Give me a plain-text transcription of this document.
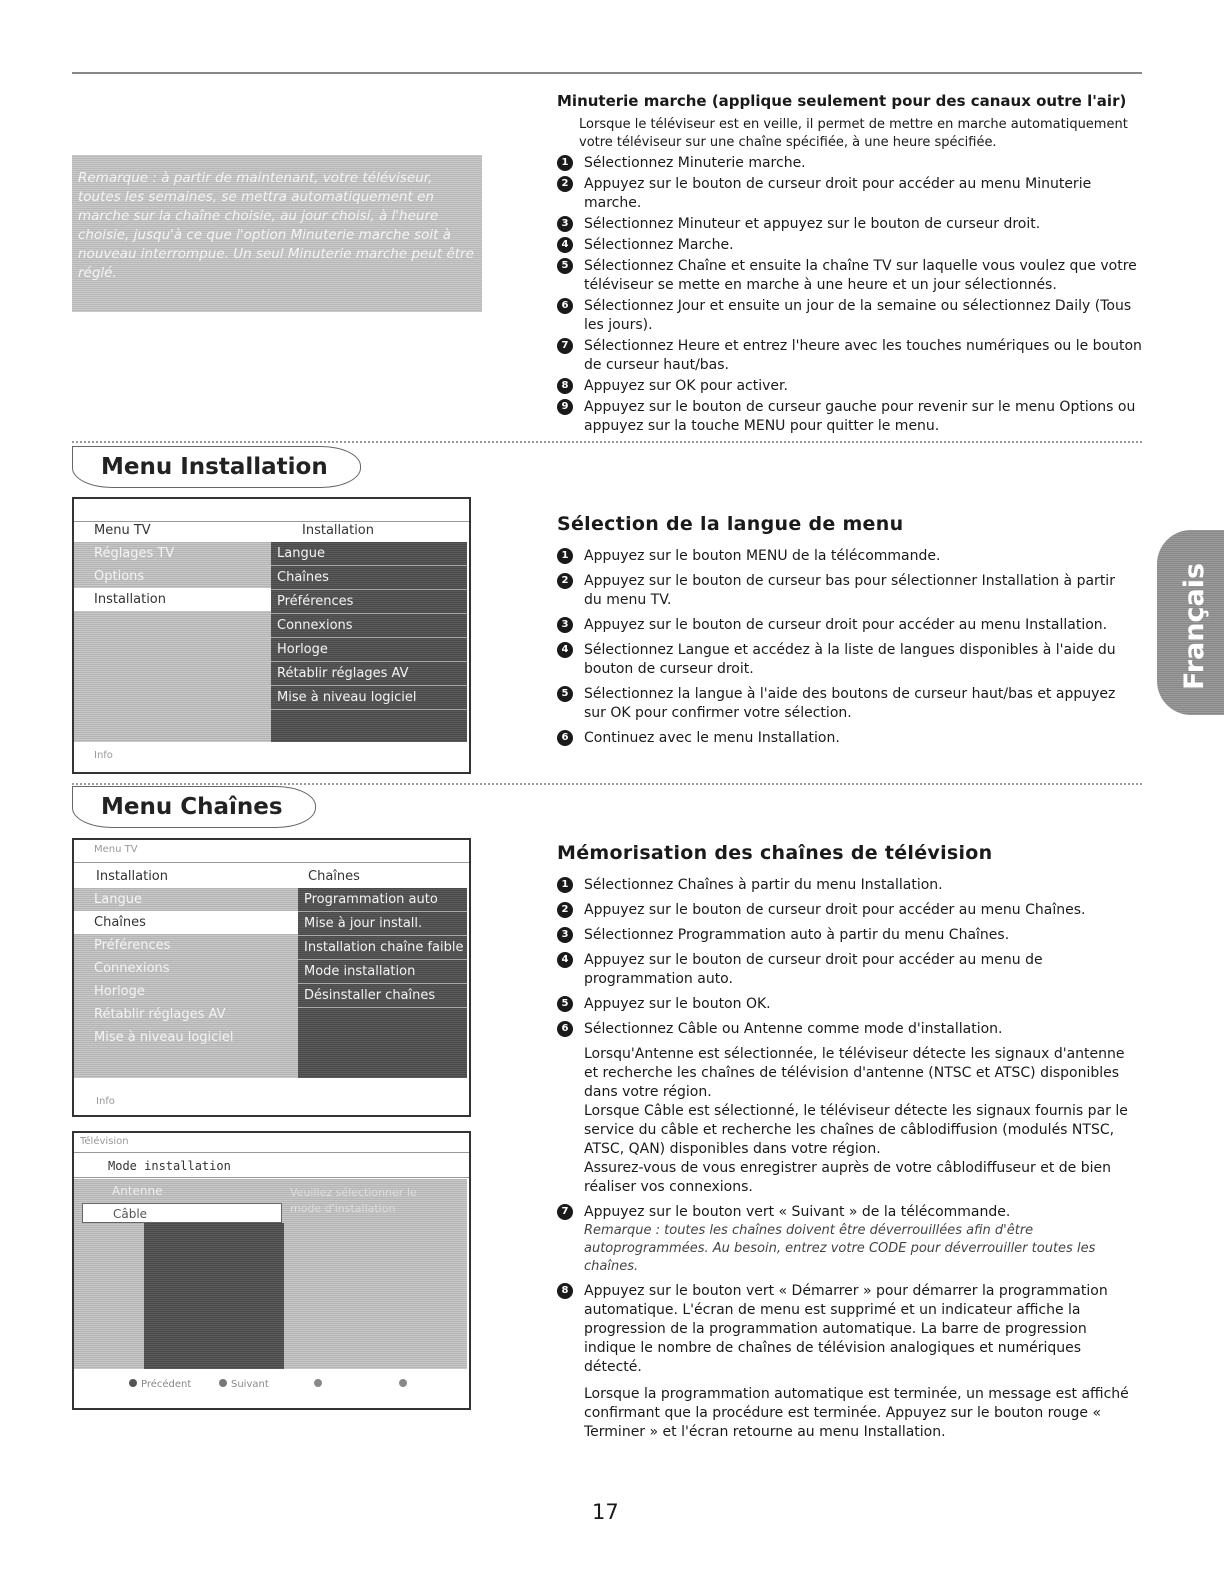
Remarque : à partir de maintenant, votre téléviseur, toutes les semaines, se mettra automatiquement en marche sur la chaîne choisie, au jour choisi, à l'heure choisie, jusqu'à ce que l'option Minuterie marche soit à nouveau interrompue. Un seul Minuterie marche peut être réglé.

Minuterie marche (applique seulement pour des canaux outre l'air)
Lorsque le téléviseur est en veille, il permet de mettre en marche automatiquement votre téléviseur sur une chaîne spécifiée, à une heure spécifiée.
1	Sélectionnez Minuterie marche.
2	Appuyez sur le bouton de curseur droit pour accéder au menu Minuterie marche.
3	Sélectionnez Minuteur et appuyez sur le bouton de curseur droit.
4	Sélectionnez Marche.
5	Sélectionnez Chaîne et ensuite la chaîne TV sur laquelle vous voulez que votre téléviseur se mette en marche à une heure et un jour sélectionnés.
6	Sélectionnez Jour et ensuite un jour de la semaine ou sélectionnez Daily (Tous les jours).
7	Sélectionnez Heure et entrez l'heure avec les touches numériques ou le bouton de curseur haut/bas.
8	Appuyez sur OK pour activer.
9	Appuyez sur le bouton de curseur gauche pour revenir sur le menu Options ou appuyez sur la touche MENU pour quitter le menu.
Menu Installation
Menu TV	Installation
Réglages TV
Options
Installation
Langue
Chaînes
Préférences
Connexions
Horloge
Rétablir réglages AV
Mise à niveau logiciel
Info
Sélection de la langue de menu
1	Appuyez sur le bouton MENU de la télécommande.
2	Appuyez sur le bouton de curseur bas pour sélectionner Installation à partir du menu TV.
3	Appuyez sur le bouton de curseur droit pour accéder au menu Installation.
4	Sélectionnez Langue et accédez à la liste de langues disponibles à l'aide du bouton de curseur droit.
5	Sélectionnez la langue à l'aide des boutons de curseur haut/bas et appuyez sur OK pour confirmer votre sélection.
6	Continuez avec le menu Installation.
Français
Menu Chaînes
Menu TV
Installation	Chaînes
Langue
Chaînes
Préférences
Connexions
Horloge
Rétablir réglages AV
Mise à niveau logiciel
Programmation auto
Mise à jour install.
Installation chaîne faible
Mode installation
Désinstaller chaînes
Info
Télévision
Mode installation
Antenne
Câble
Veuillez sélectionner le mode d'installation
Précédent	Suivant
Mémorisation des chaînes de télévision
1	Sélectionnez Chaînes à partir du menu Installation.
2	Appuyez sur le bouton de curseur droit pour accéder au menu Chaînes.
3	Sélectionnez Programmation auto à partir du menu Chaînes.
4	Appuyez sur le bouton de curseur droit pour accéder au menu de programmation auto.
5	Appuyez sur le bouton OK.
6	Sélectionnez Câble ou Antenne comme mode d'installation.
Lorsqu'Antenne est sélectionnée, le téléviseur détecte les signaux d'antenne et recherche les chaînes de télévision d'antenne (NTSC et ATSC) disponibles dans votre région.
Lorsque Câble est sélectionné, le téléviseur détecte les signaux fournis par le service du câble et recherche les chaînes de câblodiffusion (modulés NTSC, ATSC, QAN) disponibles dans votre région.
Assurez-vous de vous enregistrer auprès de votre câblodiffuseur et de bien réaliser vos connexions.
7	Appuyez sur le bouton vert « Suivant » de la télécommande.
Remarque : toutes les chaînes doivent être déverrouillées afin d'être autoprogrammées. Au besoin, entrez votre CODE pour déverrouiller toutes les chaînes.
8	Appuyez sur le bouton vert « Démarrer » pour démarrer la programmation automatique. L'écran de menu est supprimé et un indicateur affiche la progression de la programmation automatique. La barre de progression indique le nombre de chaînes de télévision analogiques et numériques détecté.
Lorsque la programmation automatique est terminée, un message est affiché confirmant que la procédure est terminée. Appuyez sur le bouton rouge « Terminer » et l'écran retourne au menu Installation.
17
